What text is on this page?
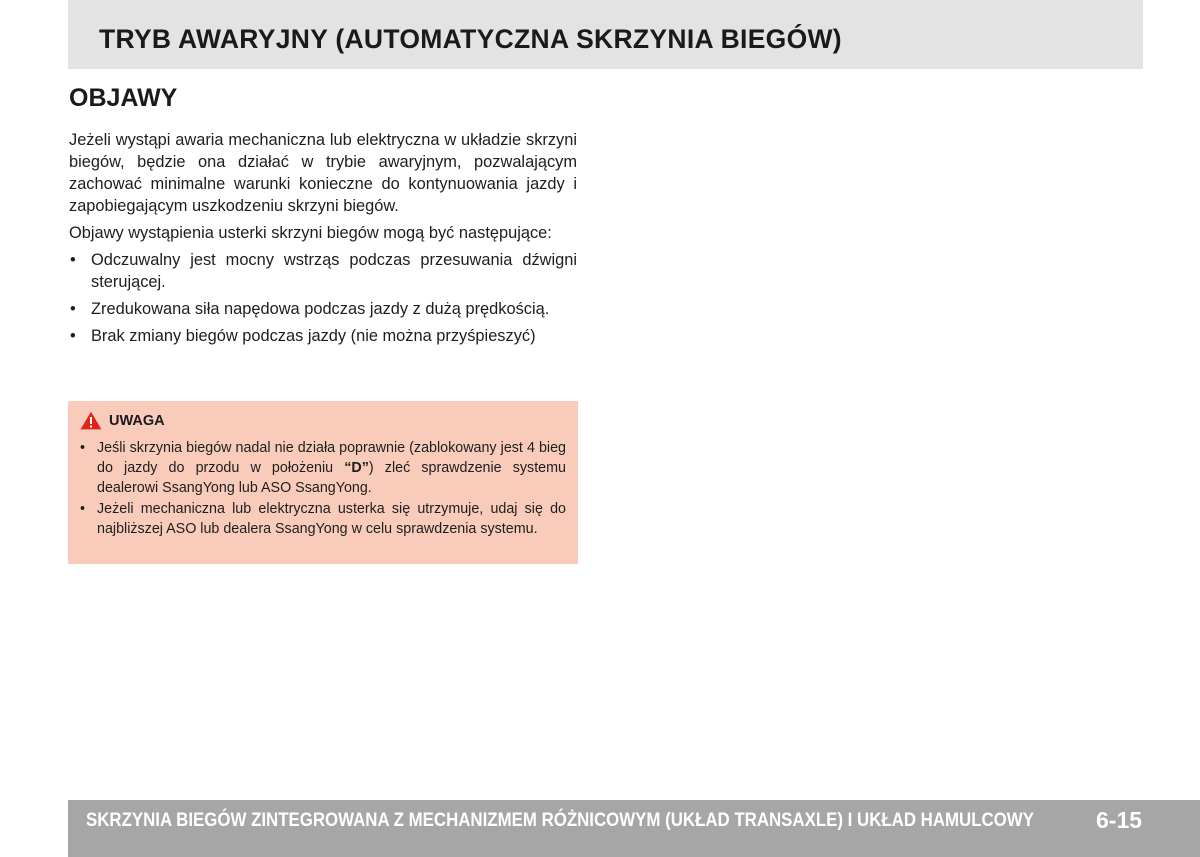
TRYB AWARYJNY (AUTOMATYCZNA SKRZYNIA BIEGÓW)
OBJAWY

Jeżeli wystąpi awaria mechaniczna lub elektryczna w układzie skrzyni biegów, będzie ona działać w trybie awaryjnym, pozwalającym zachować minimalne warunki konieczne do kontynuowania jazdy i zapobiegającym uszkodzeniu skrzyni biegów.

Objawy wystąpienia usterki skrzyni biegów mogą być następujące:

• Odczuwalny jest mocny wstrząs podczas przesuwania dźwigni sterującej.
• Zredukowana siła napędowa podczas jazdy z dużą prędkością.
• Brak zmiany biegów podczas jazdy (nie można przyśpieszyć)
UWAGA
• Jeśli skrzynia biegów nadal nie działa poprawnie (zablokowany jest 4 bieg do jazdy do przodu w położeniu “D”) zleć sprawdzenie systemu dealerowi SsangYong lub ASO SsangYong.
• Jeżeli mechaniczna lub elektryczna usterka się utrzymuje, udaj się do najbliższej ASO lub dealera SsangYong w celu sprawdzenia systemu.
SKRZYNIA BIEGÓW ZINTEGROWANA Z MECHANIZMEM RÓŻNICOWYM (UKŁAD TRANSAXLE) I UKŁAD HAMULCOWY	6-15
